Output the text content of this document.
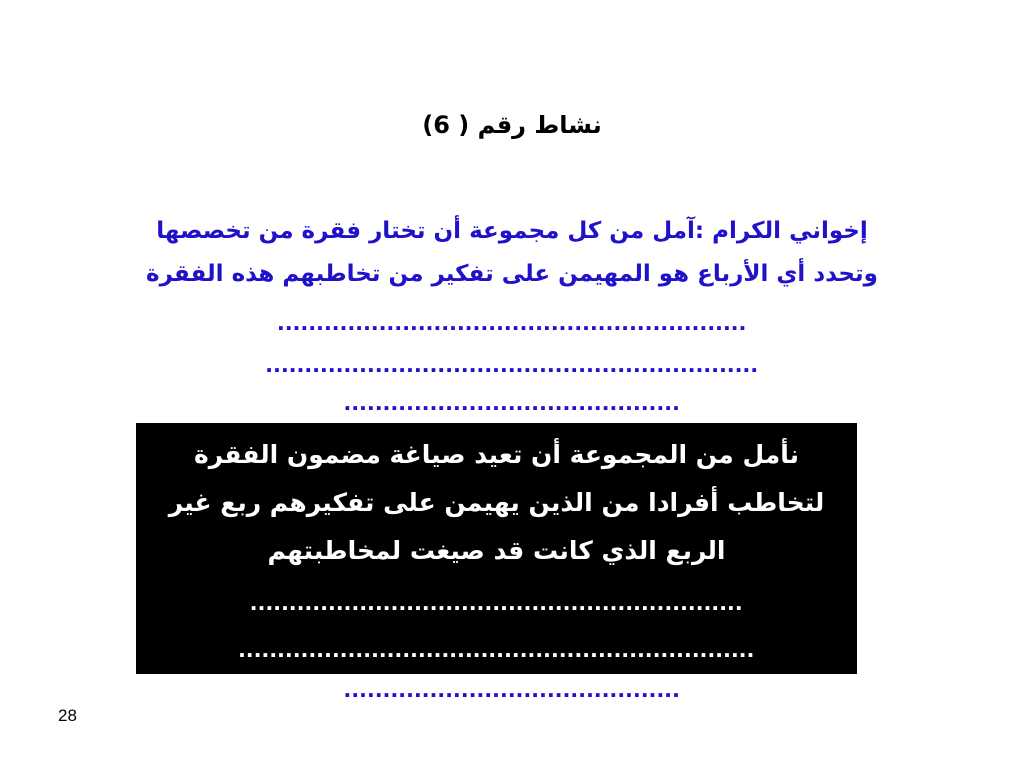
نشاط رقم ( 6)
إخواني الكرام :آمل من كل مجموعة أن تختار فقرة من تخصصها
وتحدد أي الأرباع هو المهيمن على تفكير من تخاطبهم هذه الفقرة
............................................................
...............................................................
...........................................
نأمل من المجموعة أن تعيد صياغة مضمون الفقرة
لتخاطب أفرادا من الذين يهيمن على تفكيرهم ربع غير
الربع الذي كانت قد صيغت لمخاطبتهم
...............................................................
..................................................................
...........................................
28
